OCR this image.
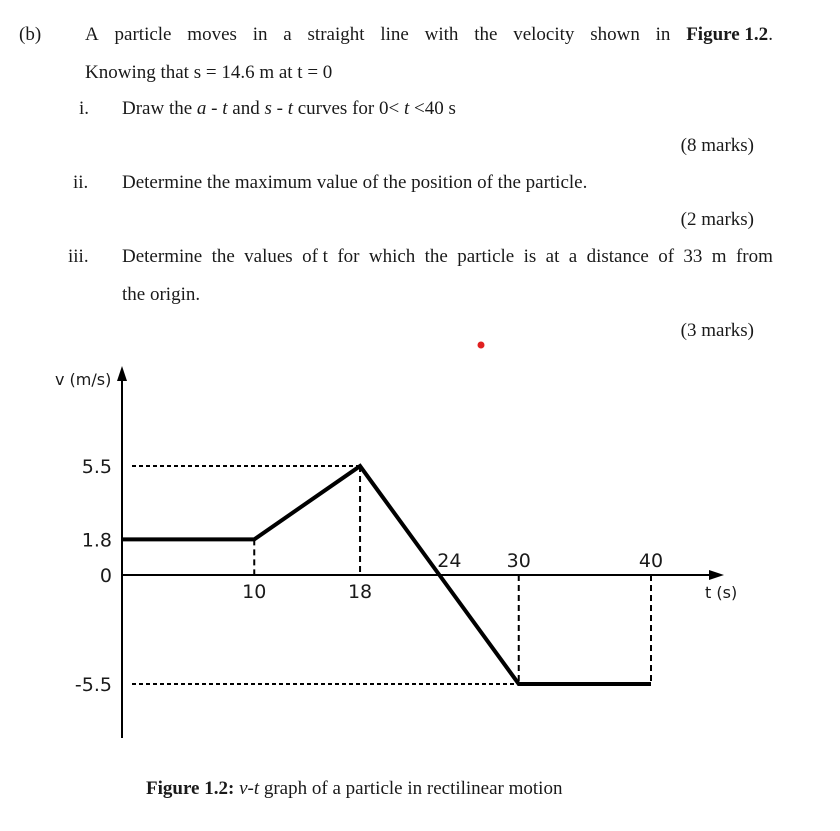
(b) A particle moves in a straight line with the velocity shown in Figure 1.2.
Knowing that s = 14.6 m at t = 0
i. Draw the a - t and s - t curves for 0< t <40 s
(8 marks)
ii. Determine the maximum value of the position of the particle.
(2 marks)
iii. Determine the values of t for which the particle is at a distance of 33 m from
the origin.
(3 marks)
5.5
1.8
0
-5.5
10	18
24 30	40
v (m/s)
t (s)
Figure 1.2: v-t graph of a particle in rectilinear motion
